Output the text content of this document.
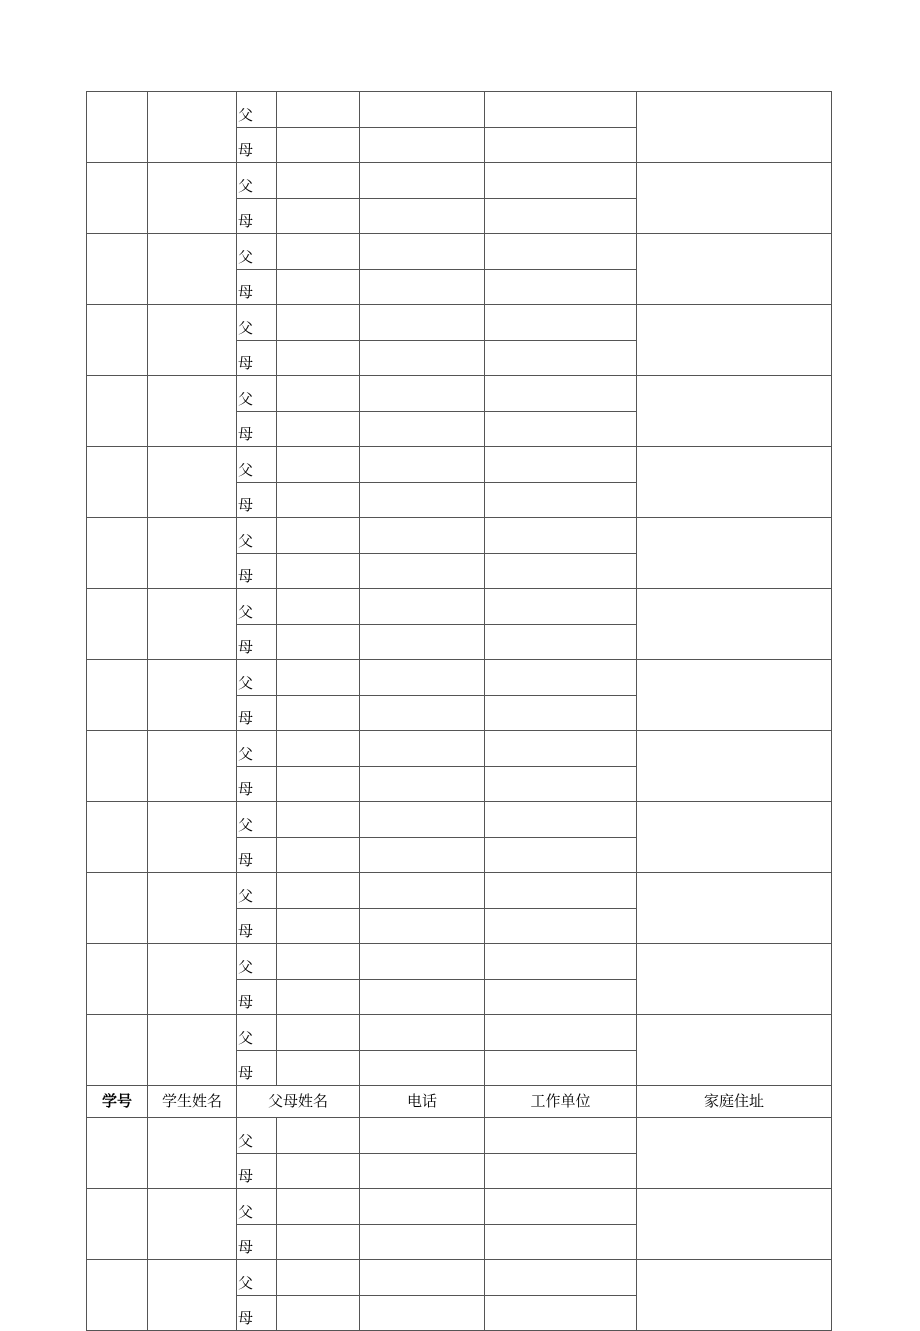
		父				
		母				
		父				
		母				
		父				
		母				
		父				
		母				
		父				
		母				
		父				
		母				
		父				
		母				
		父				
		母				
		父				
		母				
		父				
		母				
		父				
		母				
		父				
		母				
		父				
		母				
		父				
		母				
学号	学生姓名	父母姓名		电话	工作单位	家庭住址
		父				
		母				
		父				
		母				
		父				
		母				
